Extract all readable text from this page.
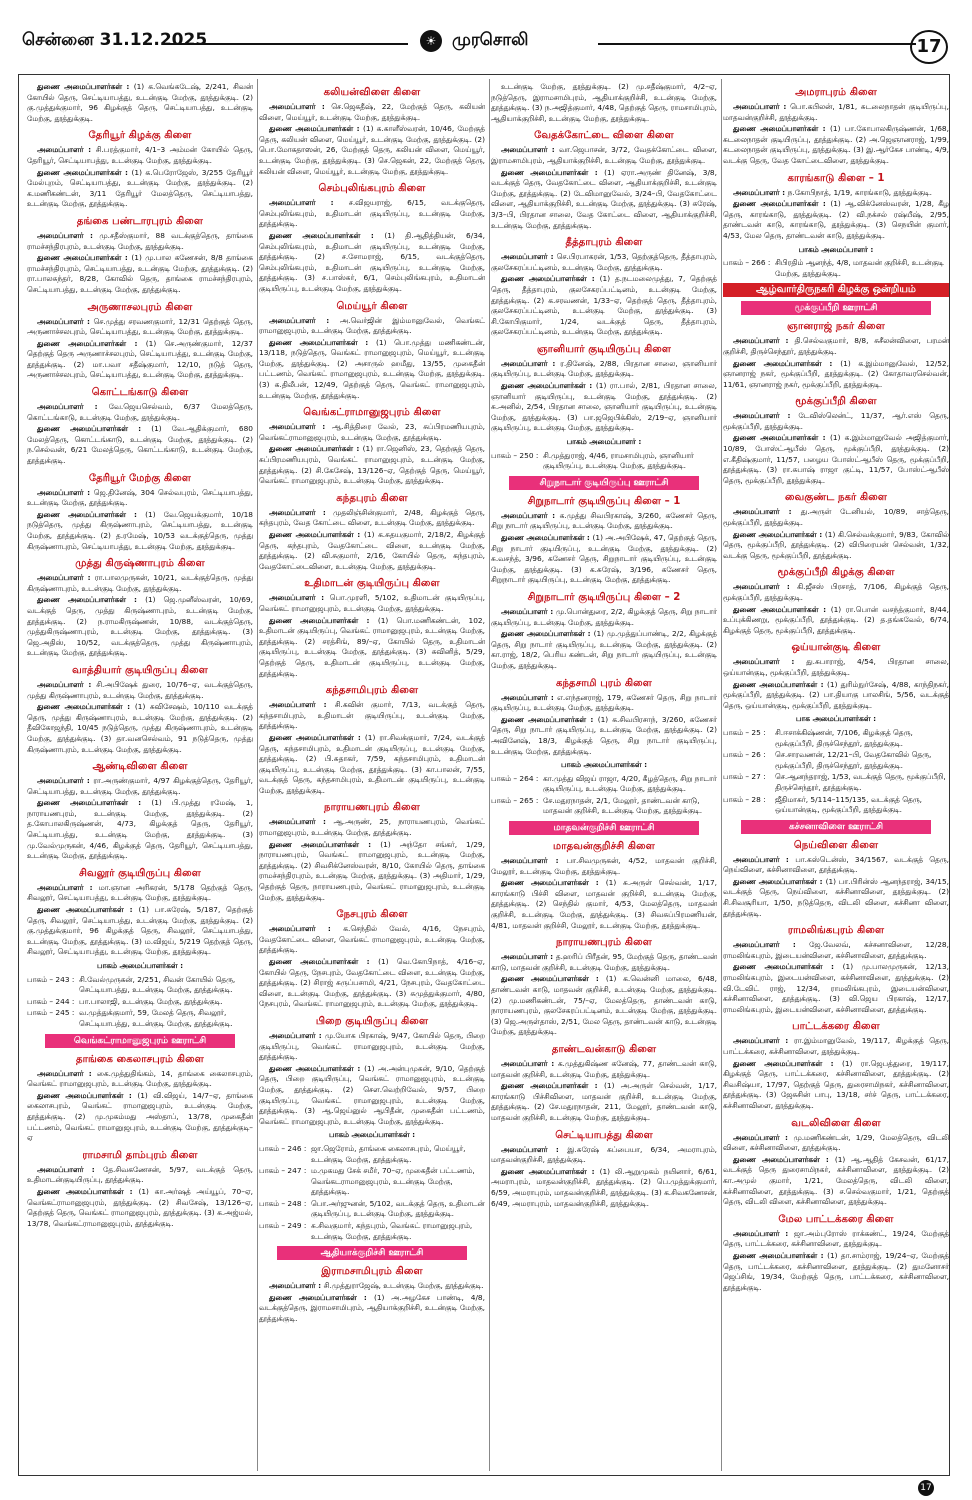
சென்னை 31.12.2025	☀ முரசொலி	17
துணை அமைப்பாளர்கள் : (1) க.வெங்கடேஷ், 2/241, சிவன் கோயில் தெரு, செட்டியாபத்து, உடன்குடி மேற்கு, தூத்துக்குடி. (2) கு.முத்துக்குமார், 96 கிழக்குத் தெரு, செட்டியாபத்து, உடன்குடி மேற்கு, தூத்துக்குடி.
தேரியூர் கிழக்கு கிளை
அமைப்பாளர் : சி.பரத்குமார், 4/1–3 அம்மன் கோயில் தெரு, தேரியூர், செட்டியாபத்து, உடன்குடி மேற்கு, தூத்துக்குடி.
துணை அமைப்பாளர்கள் : (1) க.பெரோஜேஸ், 3/255 தேரியூர் மேல்புறம், செட்டியாபத்து, உடன்குடி மேற்கு, தூத்துக்குடி. (2) க.மணிகண்டன், 3/11 தேரியூர் மேலத்தெரு, செட்டியாபத்து, உடன்குடி மேற்கு, தூத்துக்குடி.
தங்கை பண்டாரபுரம் கிளை
அமைப்பாளர் : மு.சதீஸ்குமார், 88 வடக்குத்தெரு, தாங்கை ராமச்சந்திரபுரம், உடன்குடி மேற்கு, தூத்துக்குடி.
துணை அமைப்பாளர்கள் : (1) மு.பால கணேசன், 8/8 தாங்கை ராமச்சந்திரபுரம், செட்டியாபத்து, உடன்குடி மேற்கு, தூத்துக்குடி. (2) ரா.பாலசுந்தர், 8/28, கோவில் தெரு, தாங்கை ராமச்சந்திரபுரம், செட்டியாபத்து, உடன்குடி மேற்கு, தூத்துக்குடி.
அருணாசலபுரம் கிளை
அமைப்பாளர் : செ.முத்து சரவணகுமார், 12/31 தெற்குத் தெரு, அருணாச்சலபுரம், செட்டியாபத்து, உடன்குடி மேற்கு, தூத்துக்குடி.
துணை அமைப்பாளர்கள் : (1) செ.அருண்குமார், 12/37 தெற்குத் தெரு அருணாச்சலபுரம், செட்டியாபத்து, உடன்குடி மேற்கு, தூத்துக்குடி. (2) மா.பவா சதீஷ்குமார், 12/10, நடுத் தெரு, அருணாச்சலபுரம், செட்டியாபத்து, உடன்குடி மேற்கு, தூத்துக்குடி.
கொட்டங்காடு கிளை
அமைப்பாளர் : வே.ஜெயசெல்வம், 6/37 மேலத்தெரு, கொட்டங்காடு, உடன்குடி மேற்கு, தூத்துக்குடி.
துணை அமைப்பாளர்கள் : (1) வே.ஆதிக்குமார், 680 மேலத்தெரு, கொட்டங்காடு, உடன்குடி மேற்கு, தூத்துக்குடி. (2) ந.செல்வன், 6/21 மேலத்தெரு, கொட்டங்காடு, உடன்குடி மேற்கு, தூத்துக்குடி.
தேரியூர் மேற்கு கிளை
அமைப்பாளர் : ஜெ.தினேஷ், 304 செல்வபுரம், செட்டியாபத்து, உடன்குடி மேற்கு, தூத்துக்குடி.
துணை அமைப்பாளர்கள் : (1) வே.ஜெயக்குமார், 10/18 நடுத்தெரு, முத்து கிருஷ்ணாபுரம், செட்டியாபத்து, உடன்குடி மேற்கு, தூத்துக்குடி. (2) த.ரமேஷ், 10/53 வடக்குத்தெரு, முத்து கிருஷ்ணாபுரம், செட்டியாபத்து, உடன்குடி மேற்கு, தூத்துக்குடி.
முத்து கிருஷ்ணாபுரம் கிளை
அமைப்பாளர் : ரா.பாலமுருகன், 10/21, வடக்குத்தெரு, முத்து கிருஷ்ணாபுரம், உடன்குடி மேற்கு, தூத்துக்குடி.
துணை அமைப்பாளர்கள் : (1) ஜெ.முனீஸ்வரன், 10/69, வடக்குத் தெரு, முத்து கிருஷ்ணாபுரம், உடன்குடி மேற்கு, தூத்துக்குடி. (2) ந.ராமகிருஷ்ணன், 10/88, வடக்குத்தெரு, முத்துகிருஷ்ணாபுரம், உடன்குடி மேற்கு, தூத்துக்குடி. (3) ஜெ.அதிஸ், 10/52, வடக்குத்தெரு, முத்து கிருஷ்ணாபுரம், உடன்குடி மேற்கு, தூத்துக்குடி.
வாத்தியார் குடியிருப்பு கிளை
அமைப்பாளர் : சி.அபிஷேக் துரை, 10/76–ஏ, வடக்குத்தெரு, முத்து கிருஷ்ணாபுரம், உடன்குடி மேற்கு, தூத்துக்குடி.
துணை அமைப்பாளர்கள் : (1) சுவிசேஷம், 10/110 வடக்குத் தெரு, முத்து கிருஷ்ணாபுரம், உடன்குடி மேற்கு, தூத்துக்குடி. (2) தீவிகோஜந்தி, 10/45 நடுத்தெரு, முத்து கிருஷ்ணாபுரம், உடன்குடி மேற்கு, தூத்துக்குடி. (3) தா.வனசெல்வம், 91 நடுத்தெரு, முத்து கிருஷ்ணாபுரம், உடன்குடி மேற்கு, தூத்துக்குடி.
ஆண்டிவிளை கிளை
அமைப்பாளர் : ரா.அருண்குமார், 4/97 கிழக்குத்தெரு, தேரியூர், செட்டியாபத்து, உடன்குடி மேற்கு, தூத்துக்குடி.
துணை அமைப்பாளர்கள் : (1) பி.முத்து ரமேஷ், 1, நாராயணபுரம், உடன்குடி மேற்கு, தூத்துக்குடி. (2) த.கோபாலகிருஷ்ணன், 4/73, கிழக்குத் தெரு, தேரியூர், செட்டியாபத்து, உடன்குடி மேற்கு, தூத்துக்குடி. (3) மு.வேல்முருகன், 4/46, கிழக்குத் தெரு, தேரியூர், செட்டியாபத்து, உடன்குடி மேற்கு, தூத்துக்குடி.
சிவலூர் குடியிருப்பு கிளை
அமைப்பாளர் : மா.ஞான அரிகரன், 5/178 தெற்குத் தெரு, சிவலூர், செட்டியாபத்து, உடன்குடி மேற்கு, தூத்துக்குடி.
துணை அமைப்பாளர்கள் : (1) பா.சுரேஷ், 5/187, தெற்குத் தெரு, சிவலூர், செட்டியாபத்து, உடன்குடி மேற்கு, தூத்துக்குடி. (2) கு.முத்துக்குமார், 96 கிழக்குத் தெரு, சிவலூர், செட்டியாபத்து, உடன்குடி மேற்கு, தூத்துக்குடி. (3) ம.விஜய், 5/219 தெற்குத் தெரு, சிவலூர், செட்டியாபத்து, உடன்குடி மேற்கு, தூத்துக்குடி.
பாகம் அமைப்பாளர்கள் :
பாகம் – 243 : சி.வேல்முருகன், 2/251, சிவன் கோயில் தெரு, செட்டியாபத்து, உடன்குடி மேற்கு, தூத்துக்குடி.
பாகம் – 244 : பா.பாலாஜி, உடன்குடி மேற்கு, தூத்துக்குடி.
பாகம் – 245 : வ.முத்துக்குமார், 59, மேலத் தெரு, சிவலூர், செட்டியாபத்து, உடன்குடி மேற்கு, தூத்துக்குடி.
வெங்கட்ராமானுஜபுரம் ஊராட்சி
தாங்கை கைலாசபுரம் கிளை
அமைப்பாளர் : கை.முத்துதிங்கம், 14, தாங்கை கைலாசபுரம், வெங்கட் ராமானுஜபுரம், உடன்குடி மேற்கு, தூத்துக்குடி.
துணை அமைப்பாளர்கள் : (1) வி.விஜய், 14/7–ஏ, தாங்கை கைலாசபுரம், வெங்கட் ராமானுஜபுரம், உடன்குடி மேற்கு, தூத்துக்குடி. (2) மு.முகம்மது அஸ்தாப், 13/78, முகைதீன் பட்டணம், வெங்கட் ராமானுஜபுரம், உடன்குடி மேற்கு, தூத்துக்குடி–ஏ
ராமசாமி தாம்புரம் கிளை
அமைப்பாளர் : தே.சிவகணேசன், 5/97, வடக்குத் தெரு, உதிமாடன்குடியிருப்பு, தூத்துக்குடி.
துணை அமைப்பாளர்கள் : (1) கா.அர்ஷத் அய்யூப், 70–ஏ, வெங்கட்ராமானுஜபுரம், தூத்துக்குடி. (2) சிவசேஷ், 13/126–ஏ, தெற்குத் தெரு, வெங்கட் ராமானுஜபுரம், தூத்துக்குடி. (3) க.அஜ்மல், 13/78, வெங்கட்ராமானுஜபுரம், தூத்துக்குடி.
கலியன்விளை கிளை
அமைப்பாளர் : செ.ஜெகதீஷ், 22, மேற்குத் தெரு, கலியன் விளை, மெய்யூர், உடன்குடி மேற்கு, தூத்துக்குடி.
துணை அமைப்பாளர்கள் : (1) க.காளீஸ்வரன், 10/46, மேற்குத் தெரு, கலியன் விளை, மெய்யூர், உடன்குடி மேற்கு, தூத்துக்குடி. (2) பொ.மோகதாஸன், 26, மேற்குத் தெரு, கலியன் விளை, மெய்யூர், உடன்குடி மேற்கு, தூத்துக்குடி. (3) செ.ஜெகன், 22, மேற்குத் தெரு, கலியன் விளை, மெய்யூர், உடன்குடி மேற்கு, தூத்துக்குடி.
செம்புலிங்கபுரம் கிளை
அமைப்பாளர் : ச.விஜயராஜ், 6/15, வடக்குதெரு, செம்புலிங்கபுரம், உதிமாடன் குடியிருப்பு, உடன்குடி மேற்கு, தூத்துக்குடி.
துணை அமைப்பாளர்கள் : (1) தி.ஆதித்தியன், 6/34, செம்புலிங்கபுரம், உதிமாடன் குடியிருப்பு, உடன்குடி மேற்கு, தூத்துக்குடி. (2) ச.சோமராஜ், 6/15, வடக்குத்தெரு, செம்புலிங்கபுரம், உதிமாடன் குடியிருப்பு, உடன்குடி மேற்கு, தூத்துக்குடி. (3) ச.பாஸ்கர், 6/1, செம்புலிங்கபுரம், உதிமாடன் குடியிருப்பு, உடன்குடி மேற்கு, தூத்துக்குடி.
மெய்யூர் கிளை
அமைப்பாளர் : அ.வெர்ஜின் இம்மானுவேல், வெங்கட் ராமானுஜபுரம், உடன்குடி மேற்கு, தூத்துக்குடி.
துணை அமைப்பாளர்கள் : (1) பொ.முத்து மணிகண்டன், 13/118, நடுத்தெரு, வெங்கட் ராமானுஜபுரம், மெய்யூர், உடன்குடி மேற்கு, தூத்துக்குடி. (2) அசாருல் ஹமீது, 13/55, முகைதீன் பட்டணம், வெங்கட் ராமானுஜபுரம், உடன்குடி மேற்கு, தூத்துக்குடி. (3) க.திலீபன், 12/49, தெற்குத் தெரு, வெங்கட் ராமானுஜபுரம், உடன்குடி மேற்கு, தூத்துக்குடி.
வெங்கட்ராமானுஜபுரம் கிளை
அமைப்பாளர் : ஆ.சித்திரை வேல், 23, சுப்பிரமணியபுரம், வெங்கட்ராமானுஜபுரம், உடன்குடி மேற்கு, தூத்துக்குடி.
துணை அமைப்பாளர்கள் : (1) ரா.ஜெனிஸ், 23, தெற்குத் தெரு, சுப்பிரமணியபுரம், வெங்கட் ராமானுஜபுரம், உடன்குடி மேற்கு, தூத்துக்குடி. (2) சி.கேசேஷ், 13/126–ஏ, தெற்குத் தெரு, மெய்யூர், வெங்கட் ராமானுஜபுரம், உடன்குடி மேற்கு, தூத்துக்குடி.
கந்தபுரம் கிளை
அமைப்பாளர் : முதலிஞ்சின்குமார், 2/48, கிழக்குத் தெரு, கந்தபுரம், வேத கோட்டை விளை, உடன்குடி மேற்கு, தூத்துக்குடி.
துணை அமைப்பாளர்கள் : (1) க.சுதயகுமார், 2/18/2, கிழக்குத் தெரு, கந்தபுரம், வேதகோட்டை விளை, உடன்குடி மேற்கு, தூத்துக்குடி. (2) வி.சுகுமார், 2/16, கோயில் தெரு, கந்தபுரம், வேதகோட்டைவிளை, உடன்குடி மேற்கு, தூத்துக்குடி.
உதிமாடன் குடியிருப்பு கிளை
அமைப்பாளர் : பொ.முரளி, 5/102, உதிமாடன் குடியிருப்பு, வெங்கட் ராமானுஜபுரம், உடன்குடி மேற்கு, தூத்துக்குடி.
துணை அமைப்பாளர்கள் : (1) பொ.மணிகண்டன், 102, உதிமாடன் குடியிருப்பு, வெங்கட் ராமானுஜபுரம், உடன்குடி மேற்கு, தூத்துக்குடி. (2) சரத்சிங், 89/–ஏ, கோயில் தெரு, உதிமாடன் குடியிருப்பு, உடன்குடி மேற்கு, தூத்துக்குடி. (3) சுவினித், 5/29, தெற்குத் தெரு, உதிமாடன் குடியிருப்பு, உடன்குடி மேற்கு, தூத்துக்குடி.
கந்தசாமிபுரம் கிளை
அமைப்பாளர் : சி.கவின் குமார், 7/13, வடக்குத் தெரு, கந்தசாமிபுரம், உதிமாடன் குடியிருப்பு, உடன்குடி மேற்கு, தூத்துக்குடி.
துணை அமைப்பாளர்கள் : (1) ரா.சிவக்குமார், 7/24, வடக்குத் தெரு, கந்தசாமிபுரம், உதிமாடன் குடியிருப்பு, உடன்குடி மேற்கு, தூத்துக்குடி. (2) பி.சுதாகர், 7/59, கந்தசாமிபுரம், உதிமாடன் குடியிருப்பு, உடன்குடி மேற்கு, தூத்துக்குடி. (3) கா.பாலன், 7/55, வடக்குத் தெரு, கந்தசாமிபுரம், உதிமாடன் குடியிருப்பு, உடன்குடி மேற்கு, தூத்துக்குடி.
நாராயணபுரம் கிளை
அமைப்பாளர் : ஆ.அருண், 25, நாராயணபுரம், வெங்கட் ராமானுஜபுரம், உடன்குடி மேற்கு, தூத்துக்குடி.
துணை அமைப்பாளர்கள் : (1) அந்தோ சங்கர், 1/29, நாராயணபுரம், வெங்கட் ராமானுஜபுரம், உடன்குடி மேற்கு, தூத்துக்குடி. (2) சிவசிக்னேஸ்வரன், 8/10, கோயில் தெரு, தாங்கை ராமச்சந்திரபுரம், உடன்குடி மேற்கு, தூத்துக்குடி. (3) அதிமார், 1/29, தெற்குத் தெரு, நாராயணபுரம், வெங்கட் ராமானுஜபுரம், உடன்குடி மேற்கு, தூத்துக்குடி.
நேசபுரம் கிளை
அமைப்பாளர் : க.செந்தில் வேல், 4/16, நேசபுரம், வேதகோட்டை விளை, வெங்கட் ராமானுஜபுரம், உடன்குடி மேற்கு, தூத்துக்குடி.
துணை அமைப்பாளர்கள் : (1) வெ.கோபிநாத், 4/16–ஏ, கோயில் தெரு, நேசபுரம், வேதகோட்டை விளை, உடன்குடி மேற்கு, தூத்துக்குடி. (2) சிராஜ் சுருப்பசாமி, 4/21, நேசபுரம், வேதகோட்டை விளை, உடன்குடி மேற்கு, தூத்துக்குடி. (3) சுமுத்துக்குமார், 4/80, நேசபுரம், வெங்கட் ராமானுஜபுரம், உடன்குடி மேற்கு, தூத்துக்குடி.
பிறை குடியிருப்பு கிளை
அமைப்பாளர் : மு.யோக பிரகாஷ், 9/47, கோயில் தெரு, பிறை குடியிருப்பு, வெங்கட் ராமானுஜபுரம், உடன்குடி மேற்கு, தூத்துக்குடி.
துணை அமைப்பாளர்கள் : (1) அ.அன்புமுகன், 9/10, தெற்குத் தெரு, பிறை குடியிருப்பு, வெங்கட் ராமானுஜபுரம், உடன்குடி மேற்கு, தூத்துக்குடி. (2) சௌ.வெற்றிவேல், 9/57, பிறை குடியிருப்பு, வெங்கட் ராமானுஜபுரம், உடன்குடி மேற்கு, தூத்துக்குடி. (3) ஆ.ஜெய்னுல் ஆபிதீன், முகைதீன் பட்டணம், வெங்கட் ராமானுஜபுரம், உடன்குடி மேற்கு, தூத்துக்குடி.
பாகம் அமைப்பாளர்கள் :
பாகம் – 246 : ஜா.ஜெரோம், தாங்கை கைலாசபுரம், மெய்யூர், உடன்குடி மேற்கு, தூத்துக்குடி.
பாகம் – 247 : ம.முகமது சேக் சமீர், 70–ஏ, முகைதீன் பட்டணம், வெங்கடராமானுஜபுரம், உடன்குடி மேற்கு, தூத்துக்குடி.
பாகம் – 248 : பொ.அர்ஜுனன், 5/102, வடக்குத் தெரு, உதிமாடன் குடியிருப்பு, உடன்குடி மேற்கு, தூத்துக்குடி.
பாகம் – 249 : சு.சிவகுமார், கந்தபுரம், வெங்கட் ராமானுஜபுரம், உடன்குடி மேற்கு, தூத்துக்குடி.
ஆதியாக்குறிச்சி ஊராட்சி
இராமசாமிபுரம் கிளை
அமைப்பாளர் : சி.முத்துராஜேஷ், உடன்குடி மேற்கு, தூத்துக்குடி.
துணை அமைப்பாளர்கள் : (1) அ.அழகேச பாண்டி, 4/8, வடக்குத்தெரு, இராமசாமிபுரம், ஆதியாக்குறிச்சி, உடன்குடி மேற்கு, தூத்துக்குடி.
உடன்குடி மேற்கு, தூத்துக்குடி. (2) மு.சதீஷ்குமார், 4/2–ஏ, நடுத்தெரு, இராமசாமிபுரம், ஆதியாக்குறிச்சி, உடன்குடி மேற்கு, தூத்துக்குடி. (3) ந.அஜித்குமார், 4/48, தெற்குத் தெரு, ராமசாமிபுரம், ஆதியாக்குறிச்சி, உடன்குடி மேற்கு, தூத்துக்குடி.
வேதக்கோட்டை விளை கிளை
அமைப்பாளர் : வா.ஜெபாசன், 3/72, வேதக்கோட்டை விளை, இராமசாமிபுரம், ஆதியாக்குறிச்சி, உடன்குடி மேற்கு, தூத்துக்குடி.
துணை அமைப்பாளர்கள் : (1) ஏரா.அருண் தினேஷ், 3/8, வடக்குத் தெரு, வேதகோட்டை விளை, ஆதியாக்குறிச்சி, உடன்குடி மேற்கு, தூத்துக்குடி. (2) டேவிமானுவேல், 3/24–பி, வேதகோட்டை விளை, ஆதியாக்குறிச்சி, உடன்குடி மேற்கு, தூத்துக்குடி. (3) சுரேஷ், 3/3–பி, பிரதான சாலை, வேத கோட்டை விளை, ஆதியாக்குறிச்சி, உடன்குடி மேற்கு, தூத்துக்குடி.
தீத்தாபுரம் கிளை
அமைப்பாளர் : செ.பிரபாகரன், 1/53, தெற்குத்தெரு, தீத்தாபுரம், குலசேகரப்பட்டினம், உடன்குடி மேற்கு, தூத்துக்குடி.
துணை அமைப்பாளர்கள் : (1) த.நடமலைமுத்து, 7, தெற்குத் தெரு, தீத்தாபுரம், குலசேகரப்பட்டினம், உடன்குடி மேற்கு, தூத்துக்குடி. (2) க.சரவணன், 1/33–ஏ, தெற்குத் தெரு, தீத்தாபுரம், குலசேகரப்பட்டினம், உடன்குடி மேற்கு, தூத்துக்குடி. (3) சி.கோபிகுமார், 1/24, வடக்குத் தெரு, தீத்தாபுரம், குலசேகரப்பட்டினம், உடன்குடி மேற்கு, தூத்துக்குடி.
ஞானியார் குடியிருப்பு கிளை
அமைப்பாளர் : ர.தினேஷ், 2/88, பிரதான சாலை, ஞானியார் குடியிருப்பு, உடன்குடி மேற்கு, தூத்துக்குடி.
துணை அமைப்பாளர்கள் : (1) ரா.பால், 2/81, பிரதான சாலை, ஞானியார் குடியிருப்பு, உடன்குடி மேற்கு, தூத்துக்குடி. (2) சு.அனில், 2/54, பிரதான சாலை, ஞானியார் குடியிருப்பு, உடன்குடி மேற்கு, தூத்துக்குடி. (3) பா.ஜஜெபிக்கிஸ், 2/19–ஏ, ஞானியார் குடியிருப்பு, உடன்குடி மேற்கு, தூத்துக்குடி.
பாகம் அமைப்பாளர் :
பாகம் – 250 : சி.முத்துராஜ், 4/46, ராமசாமிபுரம், ஞானியார் குடியிருப்பு, உடன்குடி மேற்கு, தூத்துக்குடி.
சிறுநாடார் குடியிருப்பு ஊராட்சி
சிறுநாடார் குடியிருப்பு கிளை – 1
அமைப்பாளர் : க.முத்து சிவபிரகாஷ், 3/260, கணேசர் தெரு, சிறு நாடார் குடியிருப்பு, உடன்குடி மேற்கு, தூத்துக்குடி.
துணை அமைப்பாளர்கள் : (1) அ.அபிஷேக், 47, தெற்குத் தெரு, சிறு நாடார் குடியிருப்பு, உடன்குடி மேற்கு, தூத்துக்குடி. (2) சு.வசந்த், 3/96, கணேசர் தெரு, சிறுநாடார் குடியிருப்பு, உடன்குடி மேற்கு, தூத்துக்குடி. (3) க.சுரேஷ், 3/196, கணேசர் தெரு, சிறுநாடார் குடியிருப்பு, உடன்குடி மேற்கு, தூத்துக்குடி.
சிறுநாடார் குடியிருப்பு கிளை – 2
அமைப்பாளர் : மு.பொன்துரை, 2/2, கிழக்குத் தெரு, சிறு நாடார் குடியிருப்பு, உடன்குடி மேற்கு, தூத்துக்குடி.
துணை அமைப்பாளர்கள் : (1) மு.முத்துப்பாண்டி, 2/2, கிழக்குத் தெரு, சிறு நாடார் குடியிருப்பு, உடன்குடி மேற்கு, தூத்துக்குடி. (2) கா.ராஜ், 18/2, பெரிய கண்டன், சிறு நாடார் குடியிருப்பு, உடன்குடி மேற்கு, தூத்துக்குடி.
கந்தசாமி புரம் கிளை
அமைப்பாளர் : எ.எந்தனராஜ், 179, கணேசர் தெரு, சிறு நாடார் குடியிருப்பு, உடன்குடி மேற்கு, தூத்துக்குடி.
துணை அமைப்பாளர்கள் : (1) க.சிவபிரசாந், 3/260, கணேசர் தெரு, சிறு நாடார் குடியிருப்பு, உடன்குடி மேற்கு, தூத்துக்குடி. (2) அவினேஷ், 18/3, கிழக்குத் தெரு, சிறு நாடார் குடியிருப்பு, உடன்குடி மேற்கு, தூத்துக்குடி.
பாகம் அமைப்பாளர்கள் :
பாகம் – 264 : கா.முத்து விஜய் ராஜா, 4/20, கீழத்தெரு, சிறு நாடார் குடியிருப்பு, உடன்குடி மேற்கு, தூத்துக்குடி.
பாகம் – 265 : சே.மதுரநாதன், 2/1, மேலூர், தாண்டவன் காடு, மாதவன் குறிச்சி, உடன்குடி மேற்கு, தூத்துக்குடி.
மாதவன்குறிச்சி ஊராட்சி
மாதவன்குறிச்சி கிளை
அமைப்பாளர் : பா.சிவமுருகன், 4/52, மாதவன் குறிச்சி, மேலூர், உடன்குடி மேற்கு, தூத்துக்குடி.
துணை அமைப்பாளர்கள் : (1) சு.அருள் செல்வன், 1/17, காரங்காடு பிச்சி விளை, மாதவன் குறிச்சி, உடன்குடி மேற்கு, தூத்துக்குடி. (2) செந்தில் குமார், 4/53, மேலத்தெரு, மாதவன் குறிச்சி, உடன்குடி மேற்கு, தூத்துக்குடி. (3) சிவசுப்பிரமணியன், 4/81, மாதவன் குறிச்சி, மேலூர், உடன்குடி மேற்கு, தூத்துக்குடி.
நாராயணபுரம் கிளை
அமைப்பாளர் : த.ஹரிப் பிரீதன், 95, மேற்குத் தெரு, தாண்டவன் காடு, மாதவன் குறிச்சி, உடன்குடி மேற்கு, தூத்துக்குடி.
துணை அமைப்பாளர்கள் : (1) க.வென்னி மாலை, 6/48, தாண்டவன் காடு, மாதவன் குறிச்சி, உடன்குடி மேற்கு, தூத்துக்குடி. (2) மு.மணிகண்டன், 75/–ஏ, மேலத்தெரு, தாண்டவன் காடு, நாராயணபுரம், குலசேகரப்பட்டினம், உடன்குடி மேற்கு, தூத்துக்குடி. (3) ஜெ.அருள்தாஸ், 2/51, மேல தெரு, தாண்டவன் காடு, உடன்குடி மேற்கு, தூத்துக்குடி.
தாண்டவன்காடு கிளை
அமைப்பாளர் : க.முத்துகிஷ்ண கனேஷ், 77, தாண்டவன் காடு, மாதவன் குறிச்சி, உடன்குடி மேற்கு, தூத்துக்குடி.
துணை அமைப்பாளர்கள் : (1) அ.அருள் செல்வன், 1/17, காரங்காடு பிச்சிவிளை, மாதவன் குறிச்சி, உடன்குடி மேற்கு, தூத்துக்குடி. (2) சே.மதுரநாதன், 211, மேலூர், தாண்டவன் காடு, மாதவன் குறிச்சி, உடன்குடி மேற்கு, தூத்துக்குடி.
செட்டியாபத்து கிளை
அமைப்பாளர் : இ.சுரேஷ் சுப்பையா, 6/34, அமராபுரம், மாதவன்குறிச்சி, தூத்துக்குடி.
துணை அமைப்பாளர்கள் : (1) லி.ஆறுமுகம் நயினார், 6/61, அமராபுரம், மாதவன்குறிச்சி, தூத்துக்குடி. (2) பெ.முத்துக்குமார், 6/59, அமராபுரம், மாதவன்குறிச்சி, தூத்துக்குடி. (3) க.சிவகணேசன், 6/49, அமராபுரம், மாதவன்குறிச்சி, தூத்துக்குடி.
அமராபுரம் கிளை
அமைப்பாளர் : பொ.கபிலன், 1/81, சுடலைநாதன் குடியிருப்பு, மாதவன்குறிச்சி, தூத்துக்குடி.
துணை அமைப்பாளர்கள் : (1) பா.கோபாலகிருஷ்ணன், 1/68, சுடலைநாதன் குடியிருப்பு, தூத்துக்குடி. (2) அ.ஜெஞானராஜ், 1/99, சுடலைநாதன் குடியிருப்பு, தூத்துக்குடி. (3) இ.ஆர்கேச பாண்டி, 4/9, வடக்கு தெரு, வேத கோட்டைவிளை, தூத்துக்குடி.
காரங்காடு கிளை – 1
அமைப்பாளர் : ந.கோபிநாத், 1/19, காரங்காடு, தூத்துக்குடி.
துணை அமைப்பாளர்கள் : (1) ஆ.விக்னேஸ்வரன், 1/28, கீழ தெரு, காரங்காடு, தூத்துக்குடி. (2) வி.நக்சல் ரஷ்யீஷ், 2/95, தாண்டவன் காடு, காரங்காடு, தூத்துக்குடி. (3) செநயின் குமார், 4/53, மேல தெரு, தாண்டவன் காடு, தூத்துக்குடி.
பாகம் அமைப்பாளர் :
பாகம் – 266 : சிபிரதிம் ஆனந்த், 4/8, மாதவன் குறிச்சி, உடன்குடி மேற்கு, தூத்துக்குடி.
ஆழ்வார்திருநகரி கிழக்கு ஒன்றியம்
மூக்குப்பீறி ஊராட்சி
ஞானராஜ் நகர் கிளை
அமைப்பாளர் : தி.செல்வகுமார், 8/8, சுசீலன்விளை, பரமன் குறிச்சி, திருச்செந்தூர், தூத்துக்குடி.
துணை அமைப்பாளர்கள் : (1) க.இம்மானுவேல், 12/52, ஞானராஜ் நகர், மூக்குப்பீறி, தூத்துக்குடி. (2) கோதாவரசெல்வன், 11/61, ஞானராஜ் நகர், மூக்குப்பீறி, தூத்துக்குடி.
மூக்குப்பீறி கிளை
அமைப்பாளர் : டேவிஸ்லென்ட், 11/37, ஆர்.எஸ் தெரு, மூக்குப்பீறி, தூத்துக்குடி.
துணை அமைப்பாளர்கள் : (1) க.இம்மானுவேல் அஜித்குமார், 10/89, போஸ்ட்ஆபீஸ் தெரு, மூக்குப்பீறி, தூத்துக்குடி. (2) எ.கீதிஷ்குமார், 11/57, பழைய போஸ்ட்ஆபீஸ் தெரு, மூக்குப்பீறி, தூத்துக்குடி. (3) ரா.சுபாஷ் ராஜா குட்டி, 11/57, போஸ்ட்ஆபீஸ் தெரு, மூக்குப்பீறி, தூத்துக்குடி.
வைகுண்ட நகர் கிளை
அமைப்பாளர் : து.அருள் டேனியல், 10/89, சாத்தெரு, மூக்குப்பீறி, தூத்துக்குடி.
துணை அமைப்பாளர்கள் : (1) கி.செல்வக்குமார், 9/83, கோவில் தெரு, மூக்குப்பீறி, தூத்துக்குடி. (2) விபிரையன் செல்வன், 1/32, வடக்கு தெரு, மூக்குப்பீறி, தூத்துக்குடி.
மூக்குப்பீறி கிழக்கு கிளை
அமைப்பாளர் : கி.ஜீசஸ் பிரசாத், 7/106, கிழக்குத் தெரு, மூக்குப்பீறி, தூத்துக்குடி.
துணை அமைப்பாளர்கள் : (1) ரா.பொன் வசந்த்குமார், 8/44, உப்புக்கிணறு, மூக்குப்பீறி, தூத்துக்குடி. (2) த.தங்கவேல், 6/74, கிழக்குத் தெரு, மூக்குப்பீறி, தூத்துக்குடி.
ஒய்யான்குடி கிளை
அமைப்பாளர் : து.சுபாராஜ், 4/54, பிரதான சாலை, ஒய்யான்குடி, மூக்குப்பீறி, தூத்துக்குடி.
துணை அமைப்பாளர்கள் : (1) துரிம்நுர்சேஷ், 4/88, காந்திநகர், மூக்குப்பீறி, தூத்துக்குடி. (2) பா.தியாகு பாலசிங், 5/56, வடக்குத் தெரு, ஒய்யான்குடி, மூக்குப்பீறி, தூத்துக்குடி.
பாக அமைப்பாளர்கள் :
பாகம் – 25 :	சி.ஈசாக்கிஷ்ணன், 7/106, கிழக்குத் தெரு, மூக்குப்பீறி, திருச்செந்தூர், தூத்துக்குடி.
பாகம் – 26 :	செ.சாரவணன், 12/21–பி, வேதகோவில் தெரு, மூக்குப்பீறி, திருச்செந்தூர், தூத்துக்குடி.
பாகம் – 27 :	செ.ஆனந்தராஜ், 1/53, வடக்குத் தெரு, மூக்குப்பீறி, திருச்செந்தூர், தூத்துக்குடி.
பாகம் – 28 :	ஜீதிமாசுர், 5/114–115/135, வடக்குத் தெரு, ஒய்யான்குடி, மூக்குப்பீறி, தூத்துக்குடி.
கச்சனாவிளை ஊராட்சி
நெய்விளை கிளை
அமைப்பாளர் : பா.கஸ்டென்ஸ், 34/1567, வடக்குத் தெரு, நெய்விளை, கச்சினாவிளை, தூத்துக்குடி.
துணை அமைப்பாளர்கள் : (1) பா.பிரின்ஸ் ஆனந்தராஜ், 34/15, வடக்குத் தெரு, நெய்விளை, கச்சினாவிளை, தூத்துக்குடி. (2) சி.சிவசூரியா, 1/50, நடுத்தெரு, விடலி விளை, கச்சினா விளை, தூத்துக்குடி.
ராமலிங்கபுரம் கிளை
அமைப்பாளர் : ஜே.வேலவ், கச்சனாவிளை, 12/28, ராமலிங்கபுரம், இடையன்விளை, கச்சினாவிளை, தூத்துக்குடி.
துணை அமைப்பாளர்கள் : (1) மு.பாலமுருகன், 12/13, ராமலிங்கபுரம், இடையன்விளை, கச்சினாவிளை, தூத்துக்குடி. (2) வி.டேவிட் ராஜ், 12/34, ராமலிங்கபுரம், இடையன்விளை, கச்சினாவிளை, தூத்துக்குடி. (3) வி.ஜெய பிரகாஷ், 12/17, ராமலிங்கபுரம், இடையன்விளை, கச்சினாவிளை, தூத்துக்குடி.
பாட்டக்கரை கிளை
அமைப்பாளர் : ரா.இம்மானுவேல், 19/117, கிழக்குத் தெரு, பாட்டக்கரை, கச்சினாவிளை, தூத்துக்குடி.
துணை அமைப்பாளர்கள் : (1) ரா.ஜெபத்துரை, 19/117, கிழக்குத் தெரு, பாட்டக்கரை, கச்சினாவிளை, தூத்துக்குடி. (2) சிவசிஷ்யா, 17/97, தெற்குத் தெரு, துரைசாமிநகர், கச்சினாவிளை, தூத்துக்குடி. (3) ஜேசுசின் பாபு, 13/18, சர்ச் தெரு, பாட்டக்கரை, கச்சினாவிளை, தூத்துக்குடி.
வடலிவிளை கிளை
அமைப்பாளர் : மு.மணிகண்டன், 1/29, மேலத்தெரு, விடலி விளை, கச்சினாவிளை, தூத்துக்குடி.
துணை அமைப்பாளர்கள் : (1) ஆ.ஆதித் கேசவன், 61/17, வடக்குத் தெரு துரைசாமிநகர், கச்சினாவிளை, தூத்துக்குடி. (2) கா.அமுல் குமார், 1/21, மேலத்தெரு, விடலி விளை, கச்சினாவிளை, தூத்துக்குடி. (3) ச.செல்வகுமார், 1/21, தெற்குத் தெரு, விடலி விளை, கச்சினாவிளை, தூத்துக்குடி.
மேல பாட்டக்கரை கிளை
அமைப்பாளர் : ஜா.அம்புரோஸ் ராக்கண்ட், 19/24, மேற்குத் தெரு, பாட்டக்கரை, கச்சினாவிளை, தூத்துக்குடி.
துணை அமைப்பாளர்கள் : (1) தா.சாம்ராஜ், 19/24–ஏ, மேற்குத் தெரு, பாட்டக்கரை, கச்சினாவிளை, தூத்துக்குடி. (2) துமனோசர் ஜெப்சிங், 19/34, மேற்குத் தெரு, பாட்டக்கரை, கச்சினாவிளை, தூத்துக்குடி.
17
